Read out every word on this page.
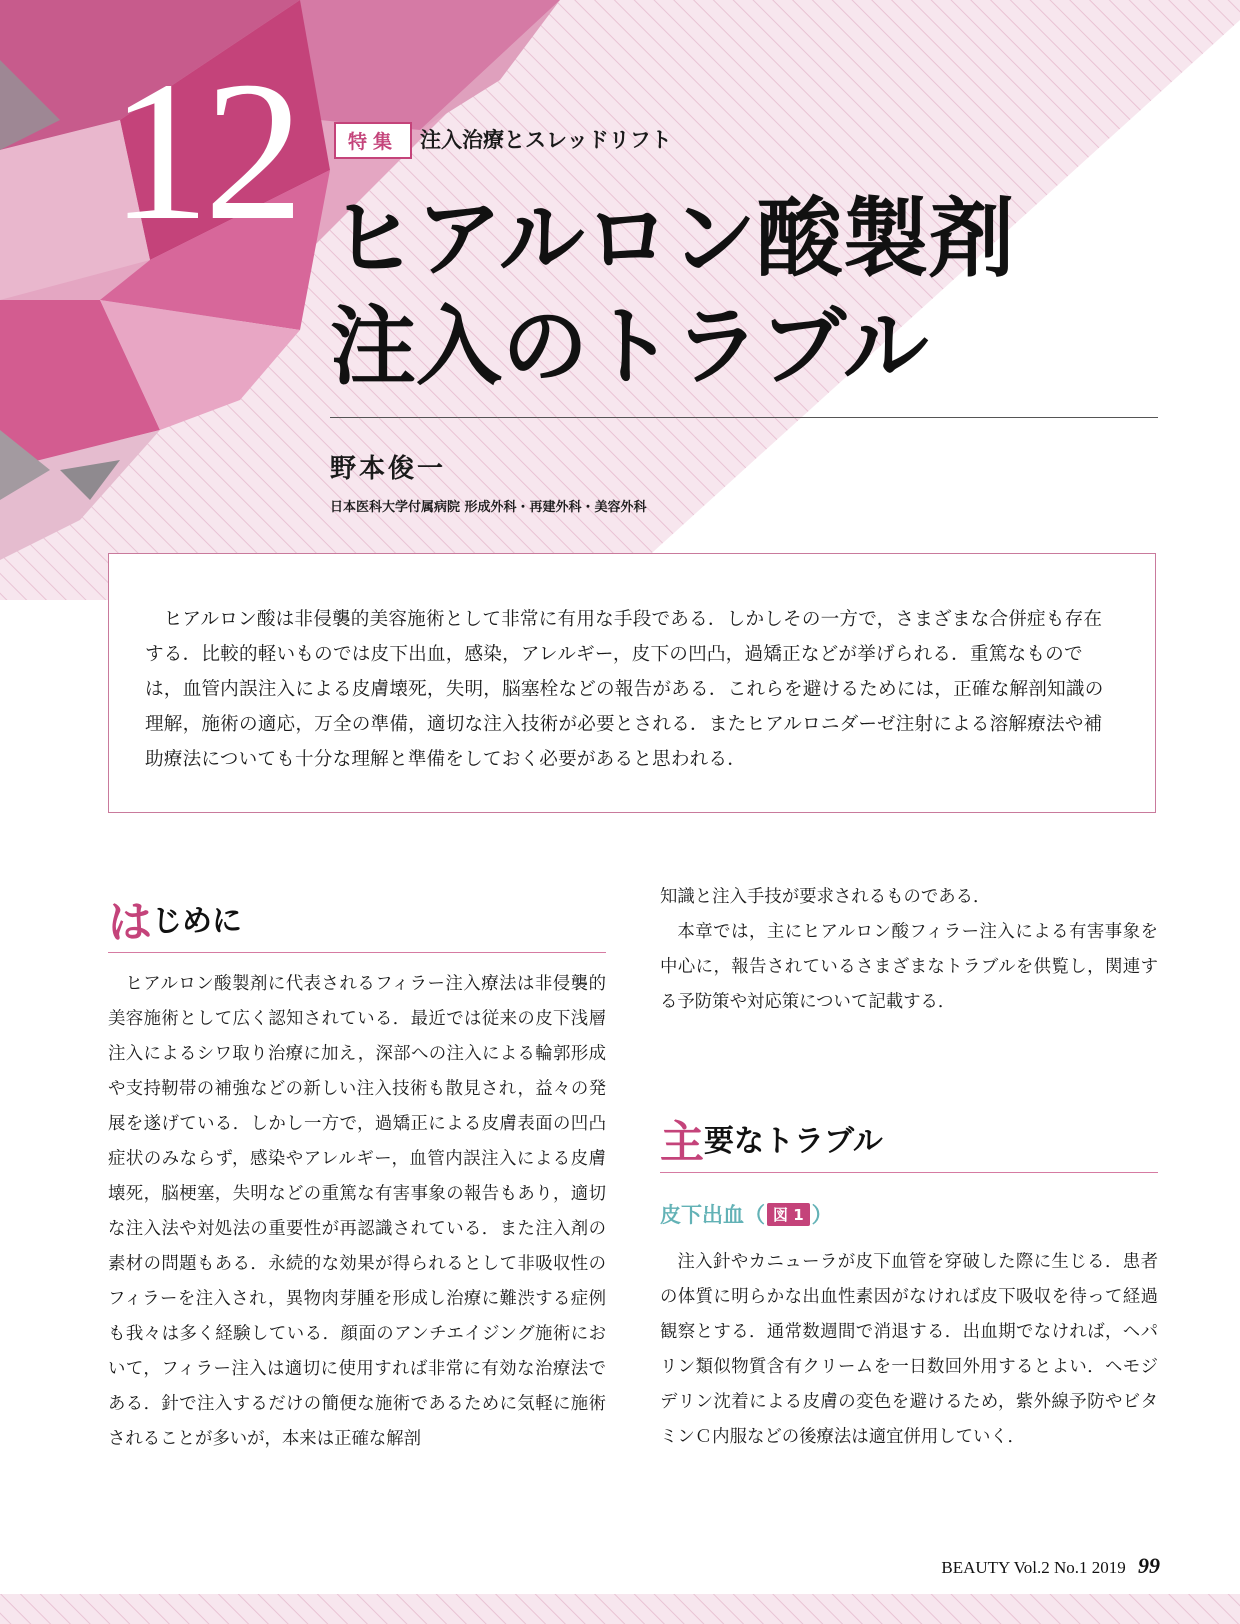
12	特集	注入治療とスレッドリフト
ヒアルロン酸製剤
注入のトラブル
野本俊一
日本医科大学付属病院 形成外科・再建外科・美容外科

ヒアルロン酸は非侵襲的美容施術として非常に有用な手段である．しかしその一方で，さまざまな合併症も存在する．比較的軽いものでは皮下出血，感染，アレルギー，皮下の凹凸，過矯正などが挙げられる．重篤なものでは，血管内誤注入による皮膚壊死，失明，脳塞栓などの報告がある．これらを避けるためには，正確な解剖知識の理解，施術の適応，万全の準備，適切な注入技術が必要とされる．またヒアルロニダーゼ注射による溶解療法や補助療法についても十分な理解と準備をしておく必要があると思われる．

はじめに

ヒアルロン酸製剤に代表されるフィラー注入療法は非侵襲的美容施術として広く認知されている．最近では従来の皮下浅層注入によるシワ取り治療に加え，深部への注入による輪郭形成や支持靭帯の補強などの新しい注入技術も散見され，益々の発展を遂げている．しかし一方で，過矯正による皮膚表面の凹凸症状のみならず，感染やアレルギー，血管内誤注入による皮膚壊死，脳梗塞，失明などの重篤な有害事象の報告もあり，適切な注入法や対処法の重要性が再認識されている．また注入剤の素材の問題もある．永続的な効果が得られるとして非吸収性のフィラーを注入され，異物肉芽腫を形成し治療に難渋する症例も我々は多く経験している．顔面のアンチエイジング施術において，フィラー注入は適切に使用すれば非常に有効な治療法である．針で注入するだけの簡便な施術であるために気軽に施術されることが多いが，本来は正確な解剖

知識と注入手技が要求されるものである．

本章では，主にヒアルロン酸フィラー注入による有害事象を中心に，報告されているさまざまなトラブルを供覧し，関連する予防策や対応策について記載する．

主要なトラブル
皮下出血（ 図 1 ）

注入針やカニューラが皮下血管を穿破した際に生じる．患者の体質に明らかな出血性素因がなければ皮下吸収を待って経過観察とする．通常数週間で消退する．出血期でなければ，ヘパリン類似物質含有クリームを一日数回外用するとよい．ヘモジデリン沈着による皮膚の変色を避けるため，紫外線予防やビタミンＣ内服などの後療法は適宜併用していく．

BEAUTY Vol.2 No.1 2019 99
